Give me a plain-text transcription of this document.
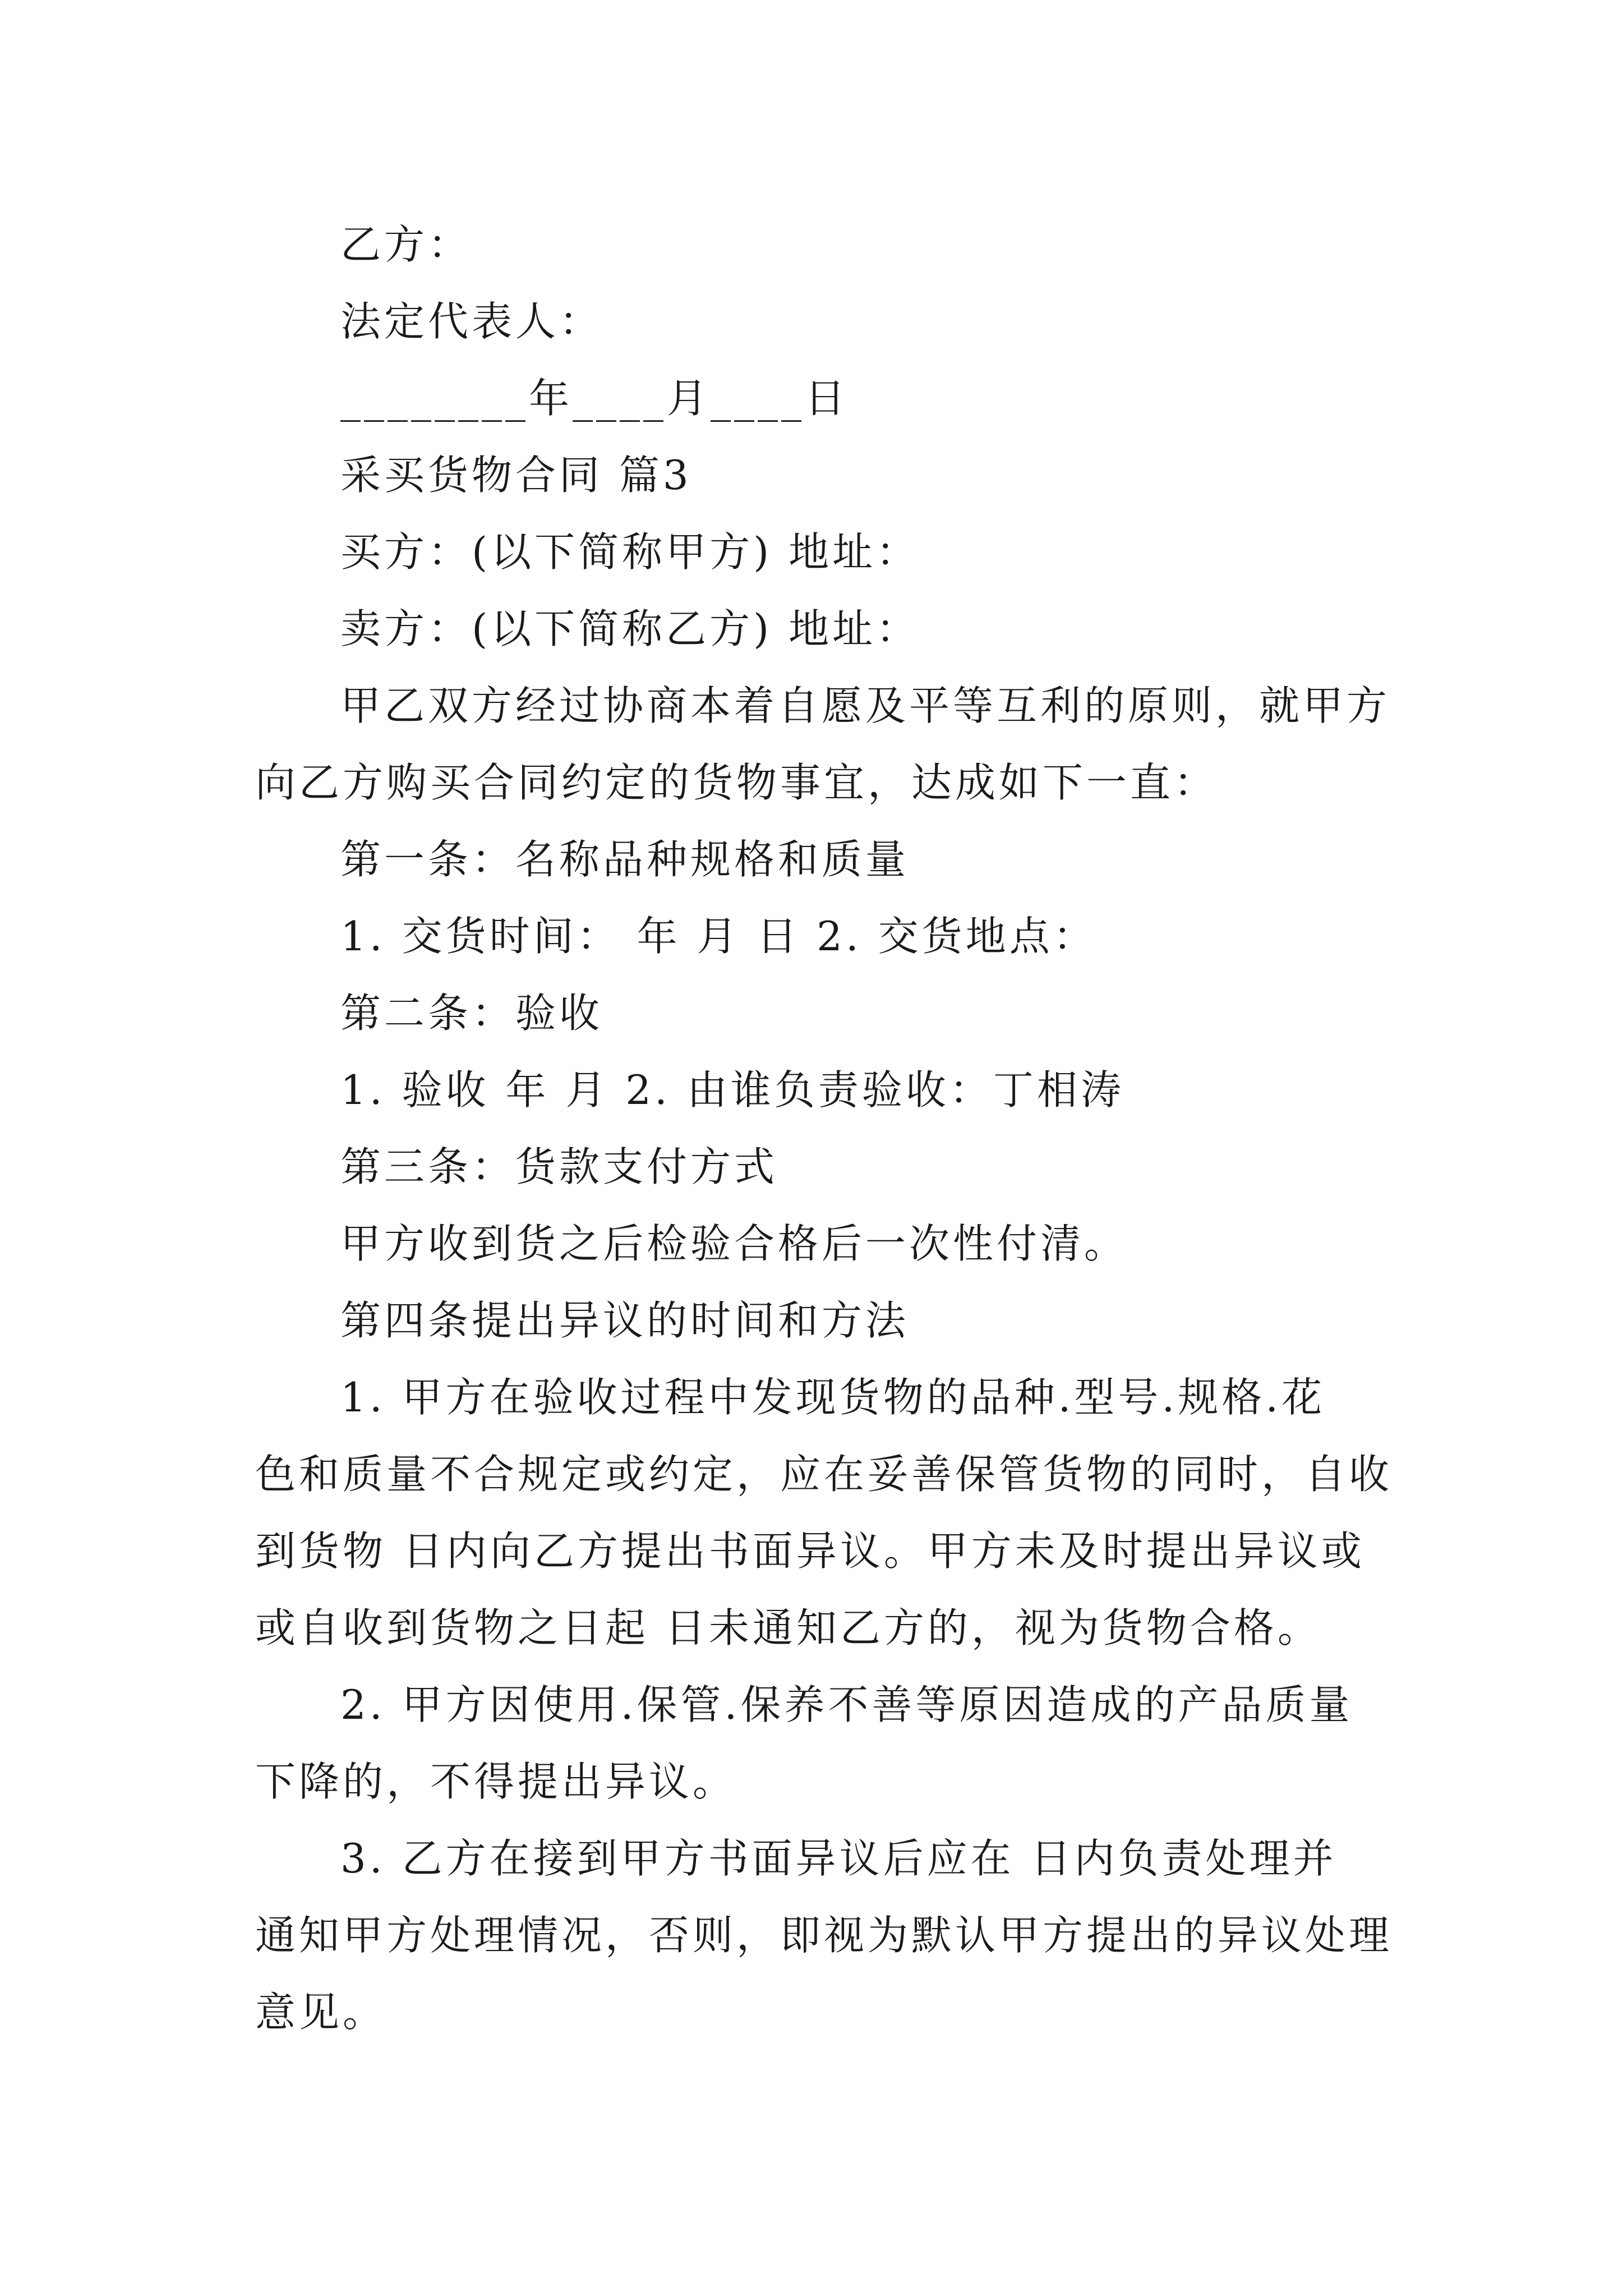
乙方：

法定代表人：

________年____月____日

采买货物合同 篇3

买方：(以下简称甲方) 地址：

卖方：(以下简称乙方) 地址：

甲乙双方经过协商本着自愿及平等互利的原则，就甲方

向乙方购买合同约定的货物事宜，达成如下一直：

第一条：名称品种规格和质量

1. 交货时间： 年 月 日 2. 交货地点：

第二条：验收

1. 验收 年 月 2. 由谁负责验收：丁相涛

第三条：货款支付方式

甲方收到货之后检验合格后一次性付清。

第四条提出异议的时间和方法

1. 甲方在验收过程中发现货物的品种.型号.规格.花

色和质量不合规定或约定，应在妥善保管货物的同时，自收

到货物 日内向乙方提出书面异议。甲方未及时提出异议或

或自收到货物之日起 日未通知乙方的，视为货物合格。

2. 甲方因使用.保管.保养不善等原因造成的产品质量

下降的，不得提出异议。

3. 乙方在接到甲方书面异议后应在 日内负责处理并

通知甲方处理情况，否则，即视为默认甲方提出的异议处理

意见。
